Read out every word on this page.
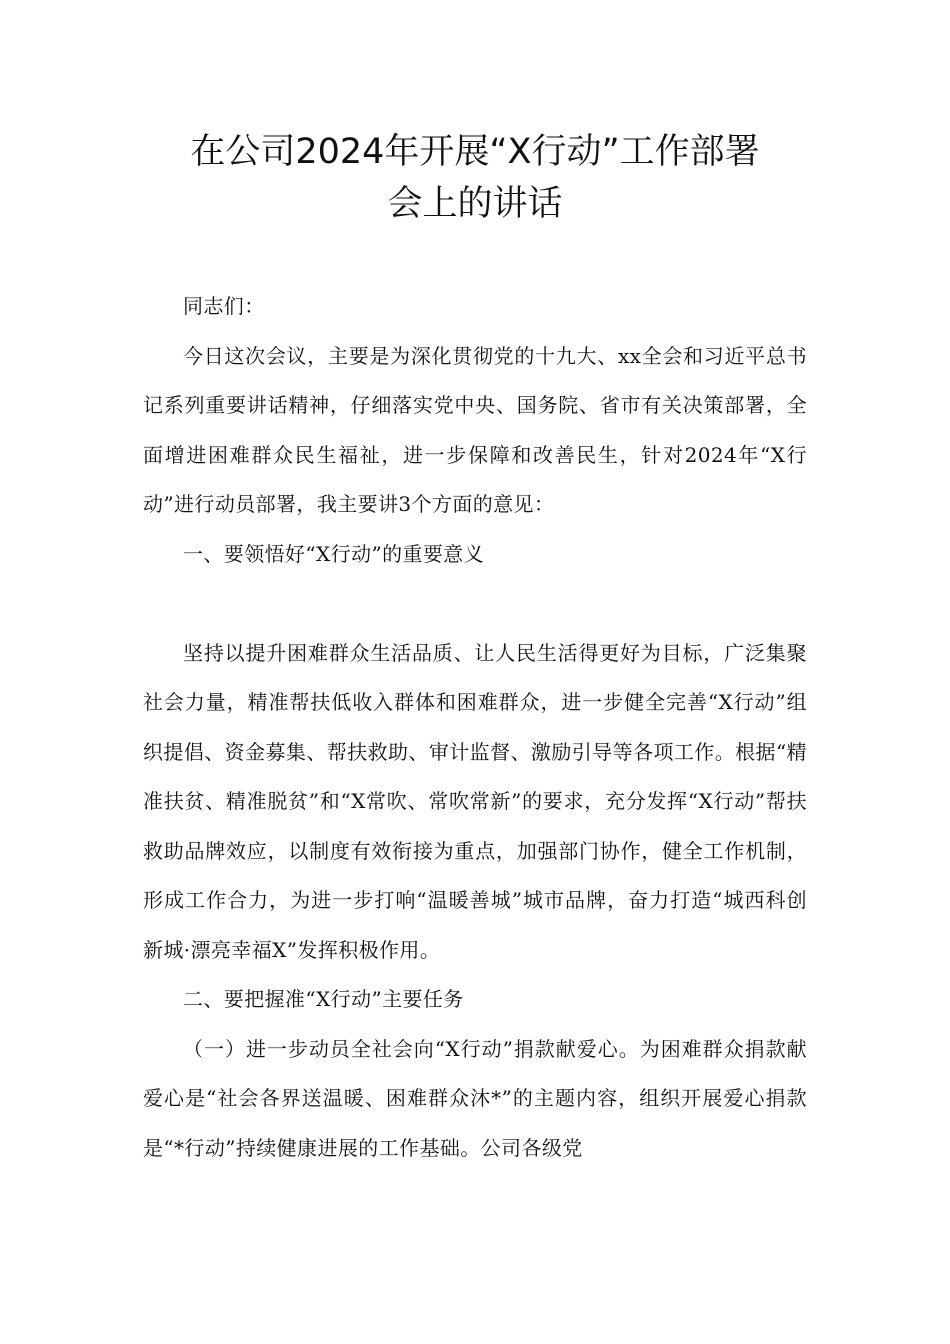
在公司2024年开展“X行动”工作部署
会上的讲话

同志们：

今日这次会议，主要是为深化贯彻党的十九大、xx全会和习近平总书记系列重要讲话精神，仔细落实党中央、国务院、省市有关决策部署，全面增进困难群众民生福祉，进一步保障和改善民生，针对2024年“X行动”进行动员部署，我主要讲3个方面的意见：

一、要领悟好“X行动”的重要意义

坚持以提升困难群众生活品质、让人民生活得更好为目标，广泛集聚社会力量，精准帮扶低收入群体和困难群众，进一步健全完善“X行动”组织提倡、资金募集、帮扶救助、审计监督、激励引导等各项工作。根据“精准扶贫、精准脱贫”和“X常吹、常吹常新”的要求，充分发挥“X行动”帮扶救助品牌效应，以制度有效衔接为重点，加强部门协作，健全工作机制，形成工作合力，为进一步打响“温暖善城”城市品牌，奋力打造“城西科创新城·漂亮幸福X”发挥积极作用。

二、要把握准“X行动”主要任务

（一）进一步动员全社会向“X行动”捐款献爱心。为困难群众捐款献爱心是“社会各界送温暖、困难群众沐*”的主题内容，组织开展爱心捐款是“*行动”持续健康进展的工作基础。公司各级党
